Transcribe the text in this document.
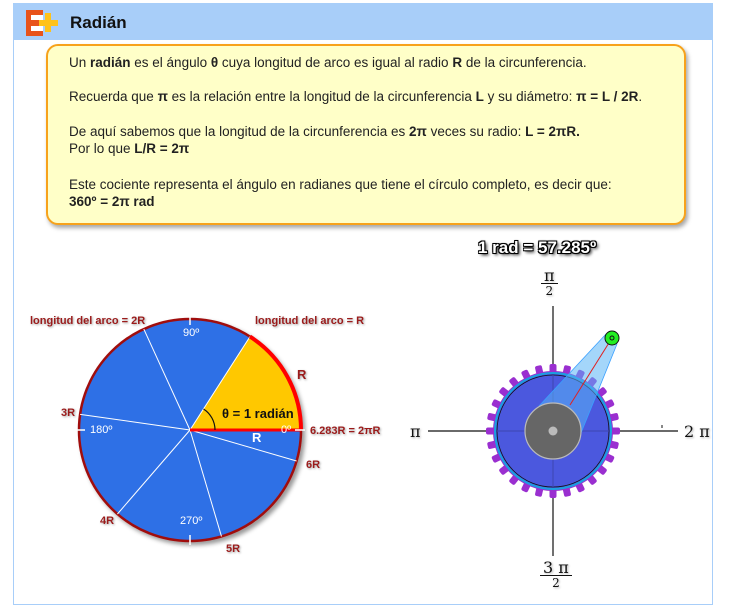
Radián

Un radián es el ángulo θ cuya longitud de arco es igual al radio R de la circunferencia.

Recuerda que π es la relación entre la longitud de la circunferencia L y su diámetro: π = L / 2R.

De aquí sabemos que la longitud de la circunferencia es 2π veces su radio: L = 2πR.

Por lo que L/R = 2π

Este cociente representa el ángulo en radianes que tiene el círculo completo, es decir que:

360º = 2π rad

longitud del arco = 2R	longitud del arco = R
90º
R
θ = 1 radián
3R
180º	0º 6.283R = 2πR
R
6R
4R	270º
5R
1 rad = 57.285º
π
2
π	2 π
3 π
2
